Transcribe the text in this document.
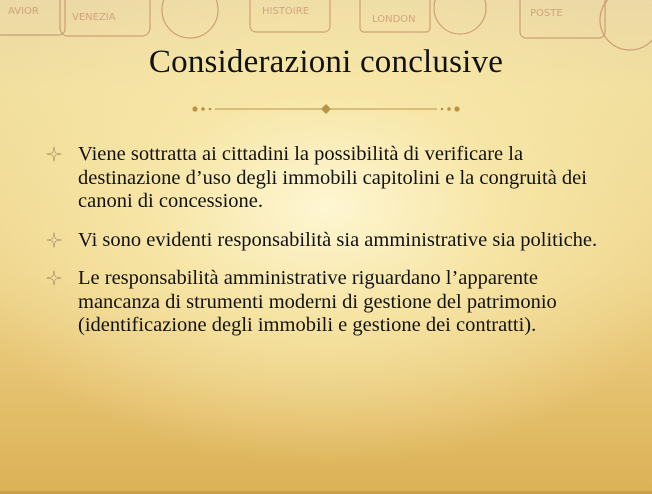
AVIOR
VENEZIA
HISTOIRE
LONDON
POSTE
Considerazioni conclusive
Viene sottratta ai cittadini la possibilità di verificare la destinazione d’uso degli immobili capitolini e la congruità dei canoni di concessione.
Vi sono evidenti responsabilità sia amministrative sia politiche.
Le responsabilità amministrative riguardano l’apparente mancanza di strumenti moderni di gestione del patrimonio (identificazione degli immobili e gestione dei contratti).
